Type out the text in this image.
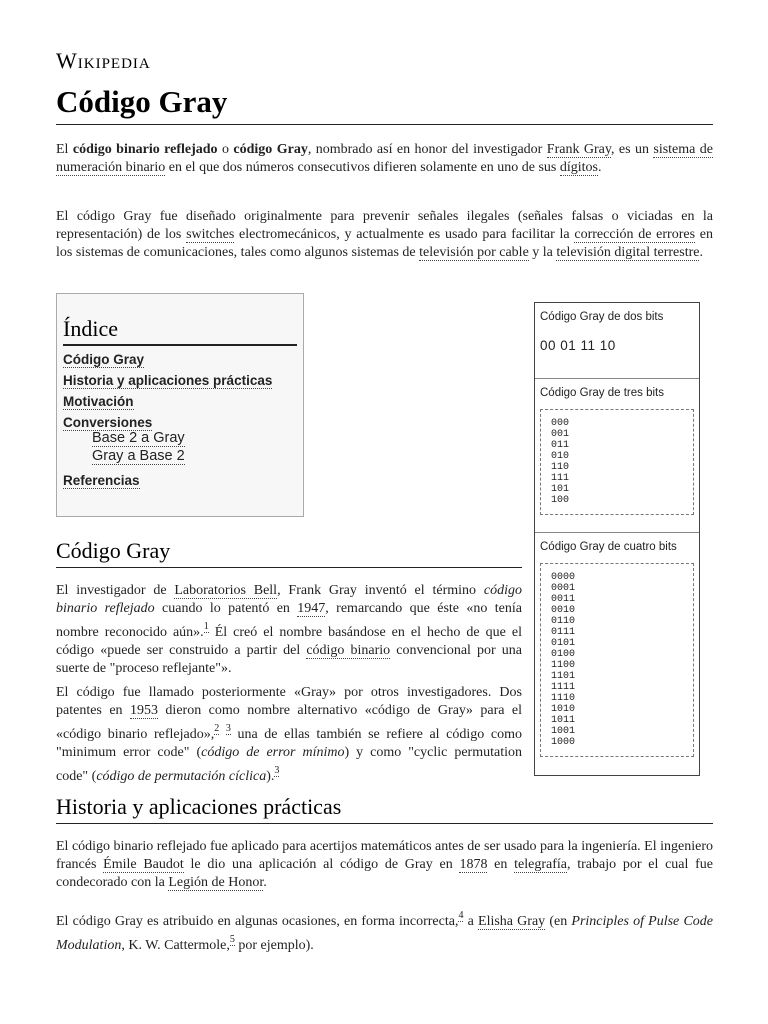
Wikipedia
Código Gray

El código binario reflejado o código Gray, nombrado así en honor del investigador Frank Gray, es un sistema de numeración binario en el que dos números consecutivos difieren solamente en uno de sus dígitos.

El código Gray fue diseñado originalmente para prevenir señales ilegales (señales falsas o viciadas en la representación) de los switches electromecánicos, y actualmente es usado para facilitar la corrección de errores en los sistemas de comunicaciones, tales como algunos sistemas de televisión por cable y la televisión digital terrestre.

Índice
Código Gray
Historia y aplicaciones prácticas
Motivación
Conversiones
Base 2 a Gray
Gray a Base 2
Referencias
Código Gray

El investigador de Laboratorios Bell, Frank Gray inventó el término código binario reflejado cuando lo patentó en 1947, remarcando que éste «no tenía nombre reconocido aún».$^1$ Él creó el nombre basándose en el hecho de que el código «puede ser construido a partir del código binario convencional por una suerte de "proceso reflejante"».

El código fue llamado posteriormente «Gray» por otros investigadores. Dos patentes en 1953 dieron como nombre alternativo «código de Gray» para el «código binario reflejado»,$^2$ $^3$ una de ellas también se refiere al código como "minimum error code" (código de error mínimo) y como "cyclic permutation code" (código de permutación cíclica).$^3$

Historia y aplicaciones prácticas

El código binario reflejado fue aplicado para acertijos matemáticos antes de ser usado para la ingeniería. El ingeniero francés Émile Baudot le dio una aplicación al código de Gray en 1878 en telegrafía, trabajo por el cual fue condecorado con la Legión de Honor.

El código Gray es atribuido en algunas ocasiones, en forma incorrecta,$^4$ a Elisha Gray (en Principles of Pulse Code Modulation, K. W. Cattermole,$^5$ por ejemplo).

Código Gray de dos bits
00 01 11 10
Código Gray de tres bits
000
001
011
010
110
111
101
100
Código Gray de cuatro bits
0000
0001
0011
0010
0110
0111
0101
0100
1100
1101
1111
1110
1010
1011
1001
1000
